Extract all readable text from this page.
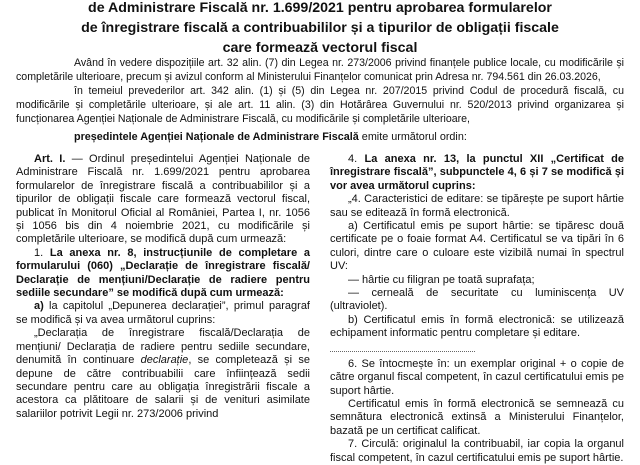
de Administrare Fiscală nr. 1.699/2021 pentru aprobarea formularelor
de înregistrare fiscală a contribuabililor și a tipurilor de obligații fiscale
care formează vectorul fiscal

Având în vedere dispozițiile art. 32 alin. (7) din Legea nr. 273/2006 privind finanțele publice locale, cu modificările și completările ulterioare, precum și avizul conform al Ministerului Finanțelor comunicat prin Adresa nr. 794.561 din 26.03.2026,

în temeiul prevederilor art. 342 alin. (1) și (5) din Legea nr. 207/2015 privind Codul de procedură fiscală, cu modificările și completările ulterioare, și ale art. 11 alin. (3) din Hotărârea Guvernului nr. 520/2013 privind organizarea și funcționarea Agenției Naționale de Administrare Fiscală, cu modificările și completările ulterioare,

președintele Agenției Naționale de Administrare Fiscală emite următorul ordin:

Art. I. — Ordinul președintelui Agenției Naționale de Administrare Fiscală nr. 1.699/2021 pentru aprobarea formularelor de înregistrare fiscală a contribuabililor și a tipurilor de obligații fiscale care formează vectorul fiscal, publicat în Monitorul Oficial al României, Partea I, nr. 1056 și 1056 bis din 4 noiembrie 2021, cu modificările și completările ulterioare, se modifică după cum urmează:

1. La anexa nr. 8, instrucțiunile de completare a formularului (060) „Declarație de înregistrare fiscală/ Declarație de mențiuni/Declarație de radiere pentru sediile secundare” se modifică după cum urmează:

a) la capitolul „Depunerea declarației”, primul paragraf se modifică și va avea următorul cuprins:

„Declarația de înregistrare fiscală/Declarația de mențiuni/ Declarația de radiere pentru sediile secundare, denumită în continuare declarație, se completează și se depune de către contribuabilii care înființează sedii secundare pentru care au obligația înregistrării fiscale a acestora ca plătitoare de salarii și de venituri asimilate salariilor potrivit Legii nr. 273/2006 privind

4. La anexa nr. 13, la punctul XII „Certificat de înregistrare fiscală”, subpunctele 4, 6 și 7 se modifică și vor avea următorul cuprins:

„4. Caracteristici de editare: se tipărește pe suport hârtie sau se editează în formă electronică.

a) Certificatul emis pe suport hârtie: se tipăresc două certificate pe o foaie format A4. Certificatul se va tipări în 6 culori, dintre care o culoare este vizibilă numai în spectrul UV:

— hârtie cu filigran pe toată suprafața;

— cerneală de securitate cu luminiscența UV (ultraviolet).

b) Certificatul emis în formă electronică: se utilizează echipament informatic pentru completare și editare.

6. Se întocmește în: un exemplar original + o copie de către organul fiscal competent, în cazul certificatului emis pe suport hârtie.

Certificatul emis în formă electronică se semnează cu semnătura electronică extinsă a Ministerului Finanțelor, bazată pe un certificat calificat.

7. Circulă: originalul la contribuabil, iar copia la organul fiscal competent, în cazul certificatului emis pe suport hârtie.
